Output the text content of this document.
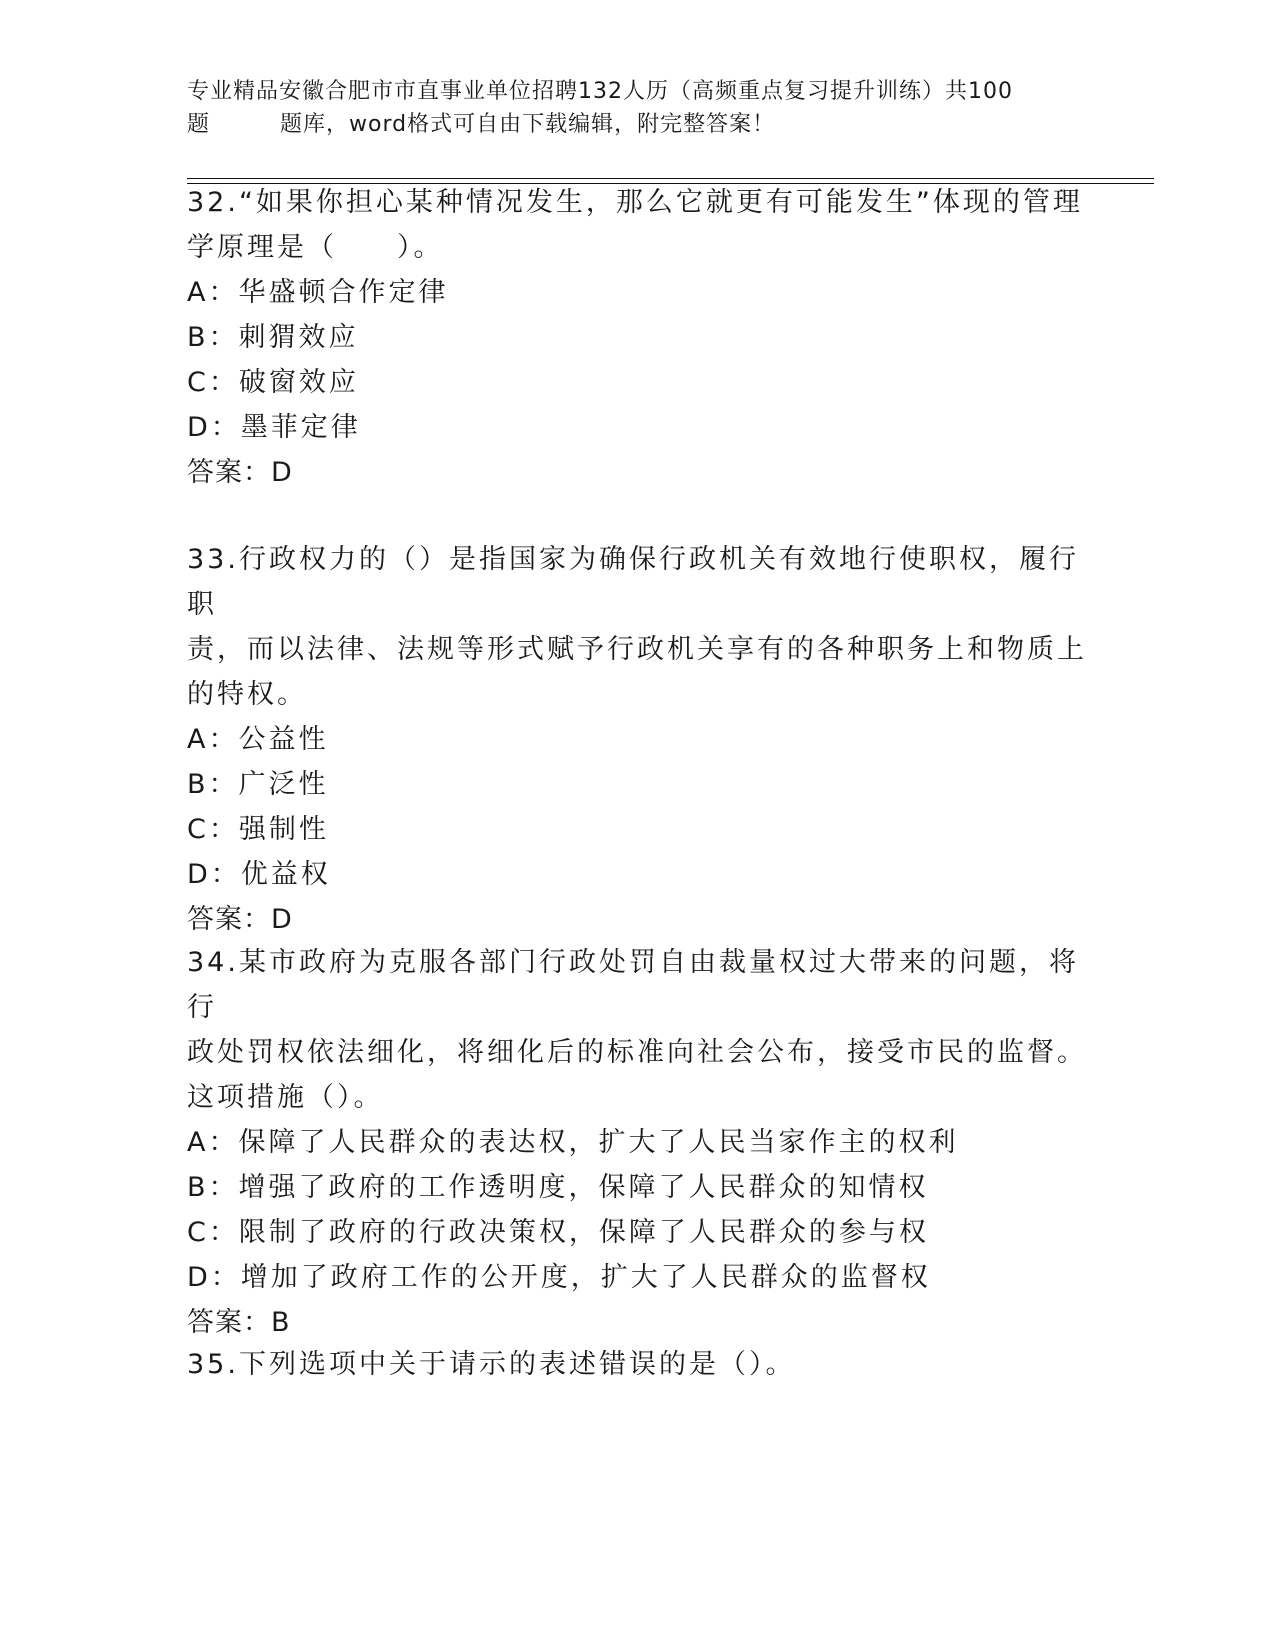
专业精品安徽合肥市市直事业单位招聘132人历（高频重点复习提升训练）共100
题	题库，word格式可自由下载编辑，附完整答案！

32.“如果你担心某种情况发生，那么它就更有可能发生”体现的管理

学原理是（　　）。

A：华盛顿合作定律

B：刺猬效应

C：破窗效应

D：墨菲定律

答案：D

33.行政权力的（）是指国家为确保行政机关有效地行使职权，履行职

责，而以法律、法规等形式赋予行政机关享有的各种职务上和物质上

的特权。

A：公益性

B：广泛性

C：强制性

D：优益权

答案：D

34.某市政府为克服各部门行政处罚自由裁量权过大带来的问题，将行

政处罚权依法细化，将细化后的标准向社会公布，接受市民的监督。

这项措施（）。

A：保障了人民群众的表达权，扩大了人民当家作主的权利

B：增强了政府的工作透明度，保障了人民群众的知情权

C：限制了政府的行政决策权，保障了人民群众的参与权

D：增加了政府工作的公开度，扩大了人民群众的监督权

答案：B

35.下列选项中关于请示的表述错误的是（）。
